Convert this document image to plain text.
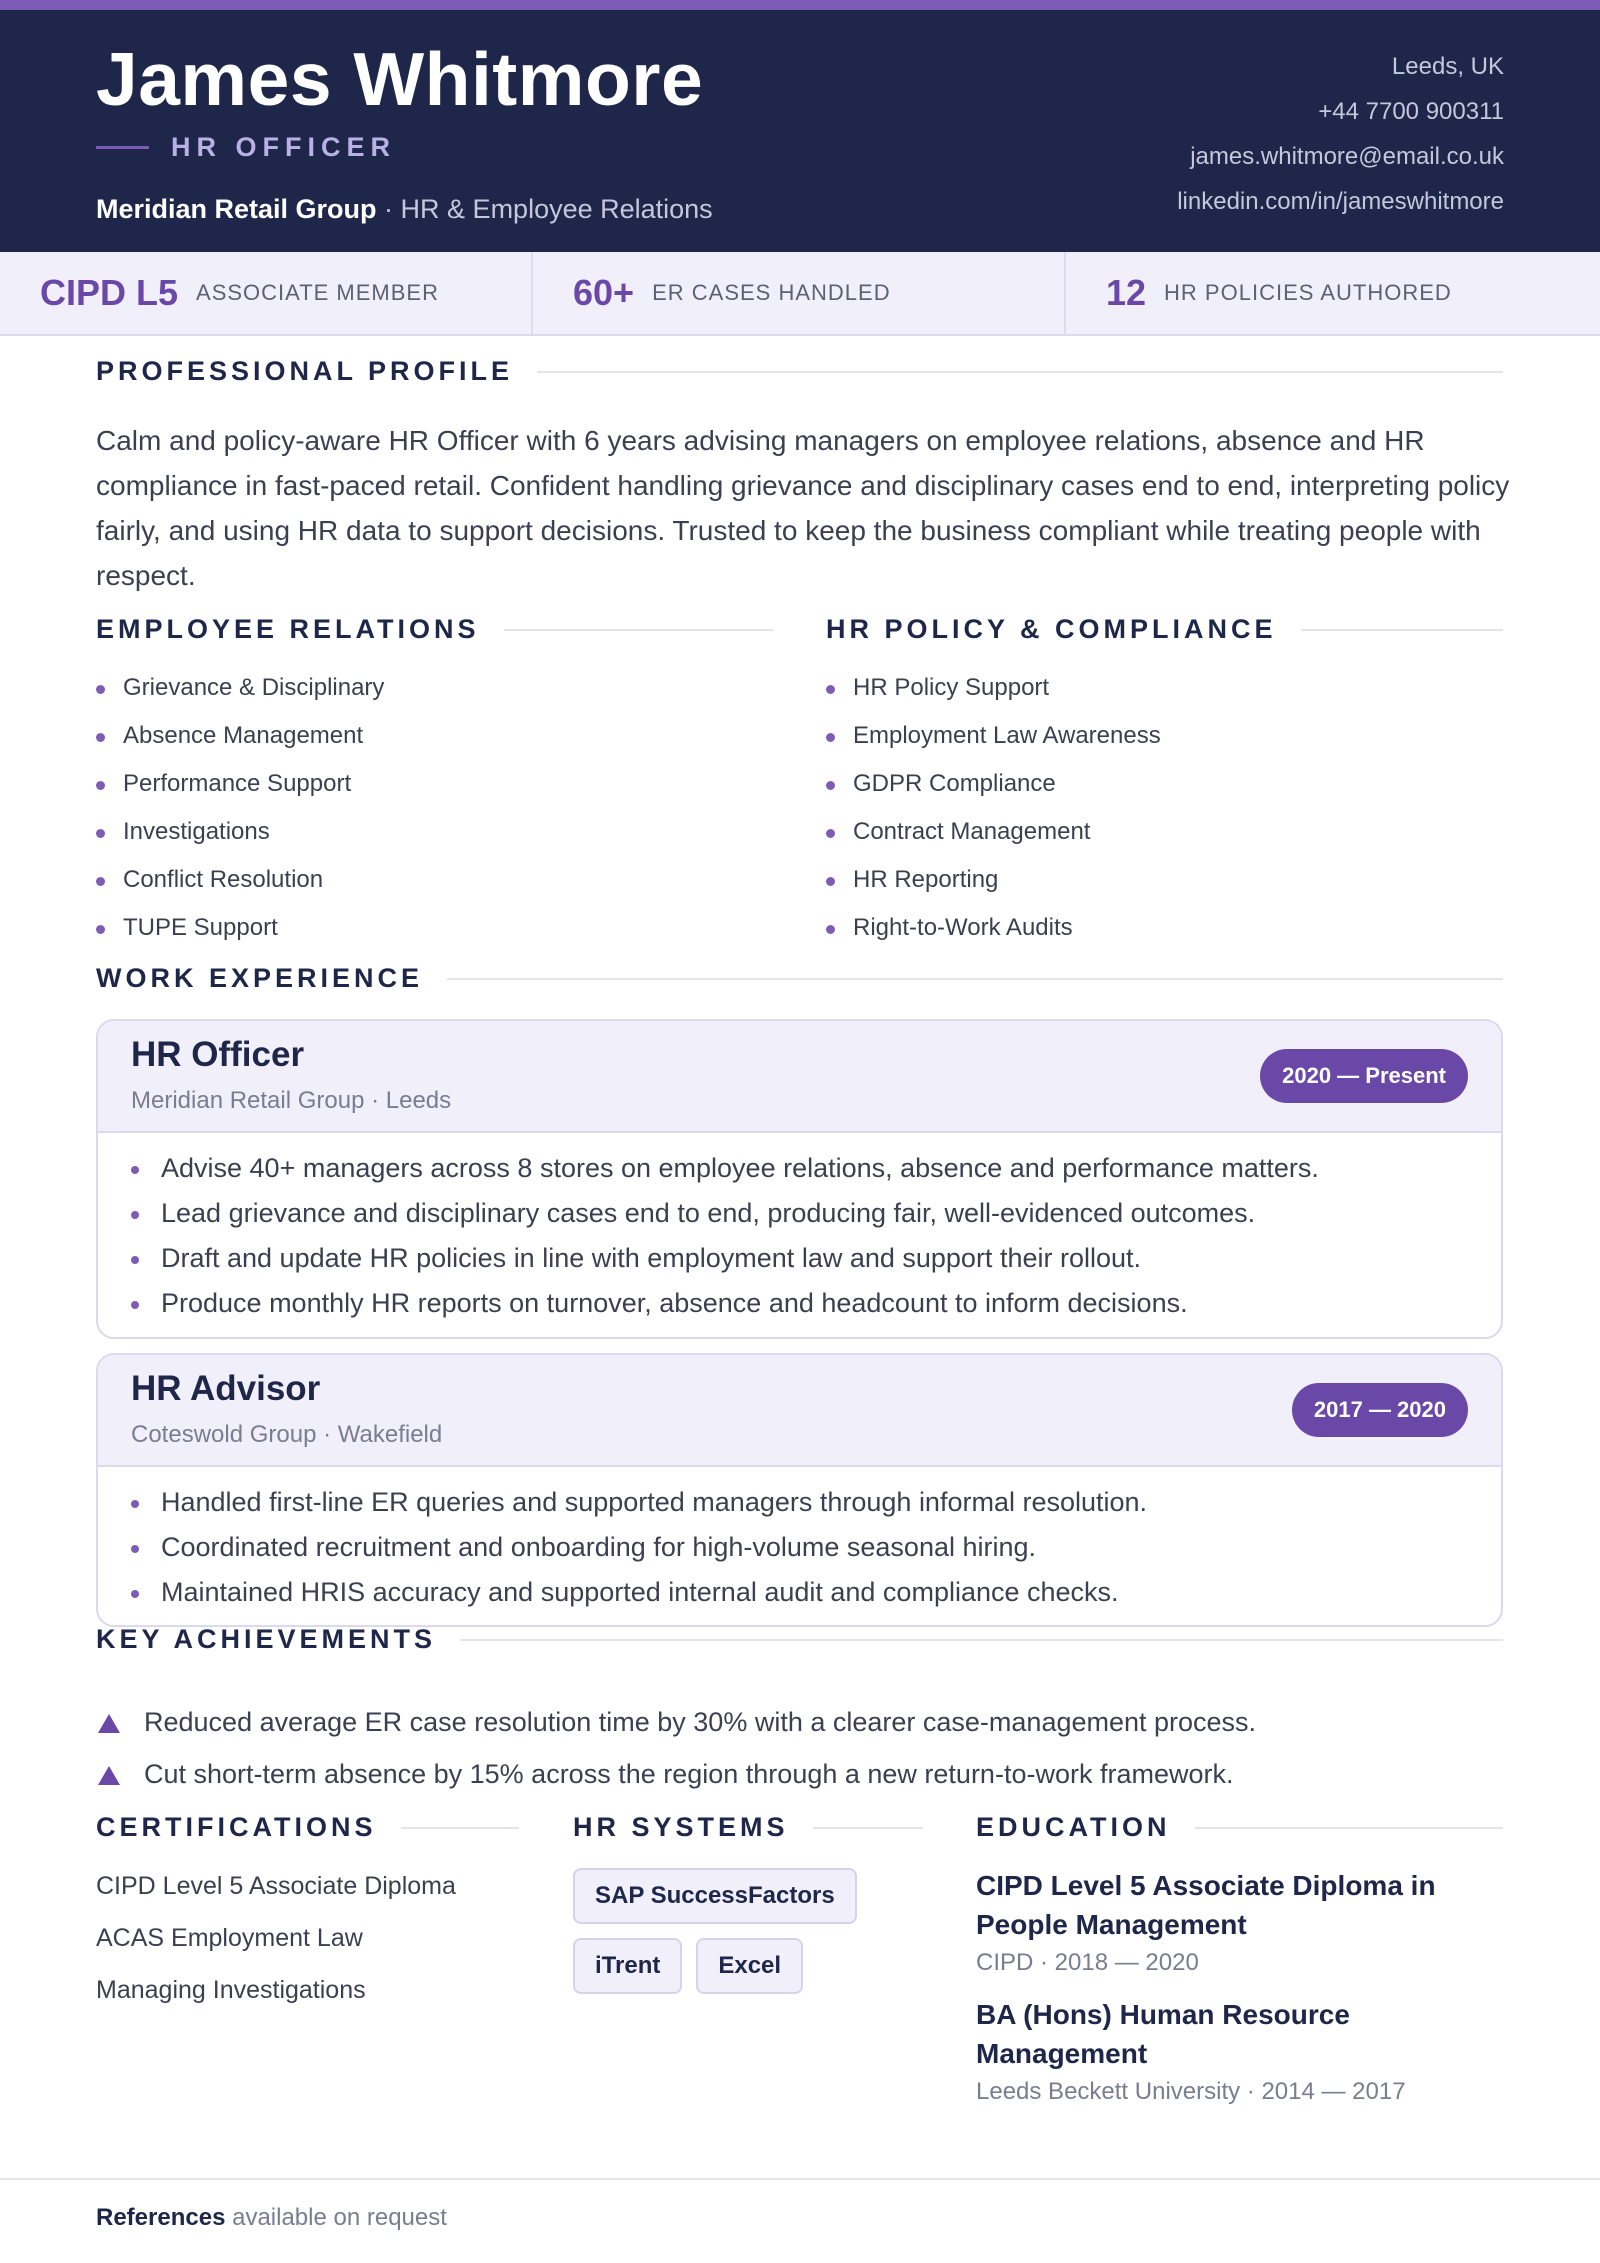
James Whitmore
HR OFFICER
Meridian Retail Group · HR & Employee Relations
Leeds, UK
+44 7700 900311
james.whitmore@email.co.uk
linkedin.com/in/jameswhitmore
CIPD L5 ASSOCIATE MEMBER	60+ ER CASES HANDLED	12 HR POLICIES AUTHORED
PROFESSIONAL PROFILE

Calm and policy-aware HR Officer with 6 years advising managers on employee relations, absence and HR compliance in fast-paced retail. Confident handling grievance and disciplinary cases end to end, interpreting policy fairly, and using HR data to support decisions. Trusted to keep the business compliant while treating people with respect.

EMPLOYEE RELATIONS
Grievance & Disciplinary
Absence Management
Performance Support
Investigations
Conflict Resolution
TUPE Support
HR POLICY & COMPLIANCE
HR Policy Support
Employment Law Awareness
GDPR Compliance
Contract Management
HR Reporting
Right-to-Work Audits
WORK EXPERIENCE
HR Officer
Meridian Retail Group · Leeds
2020 — Present
Advise 40+ managers across 8 stores on employee relations, absence and performance matters.
Lead grievance and disciplinary cases end to end, producing fair, well-evidenced outcomes.
Draft and update HR policies in line with employment law and support their rollout.
Produce monthly HR reports on turnover, absence and headcount to inform decisions.
HR Advisor
Coteswold Group · Wakefield
2017 — 2020
Handled first-line ER queries and supported managers through informal resolution.
Coordinated recruitment and onboarding for high-volume seasonal hiring.
Maintained HRIS accuracy and supported internal audit and compliance checks.
KEY ACHIEVEMENTS
Reduced average ER case resolution time by 30% with a clearer case-management process.
Cut short-term absence by 15% across the region through a new return-to-work framework.
CERTIFICATIONS
CIPD Level 5 Associate Diploma
ACAS Employment Law
Managing Investigations
HR SYSTEMS
SAP SuccessFactors
iTrent	Excel
EDUCATION
CIPD Level 5 Associate Diploma in People Management
CIPD · 2018 — 2020
BA (Hons) Human Resource Management
Leeds Beckett University · 2014 — 2017
References available on request
